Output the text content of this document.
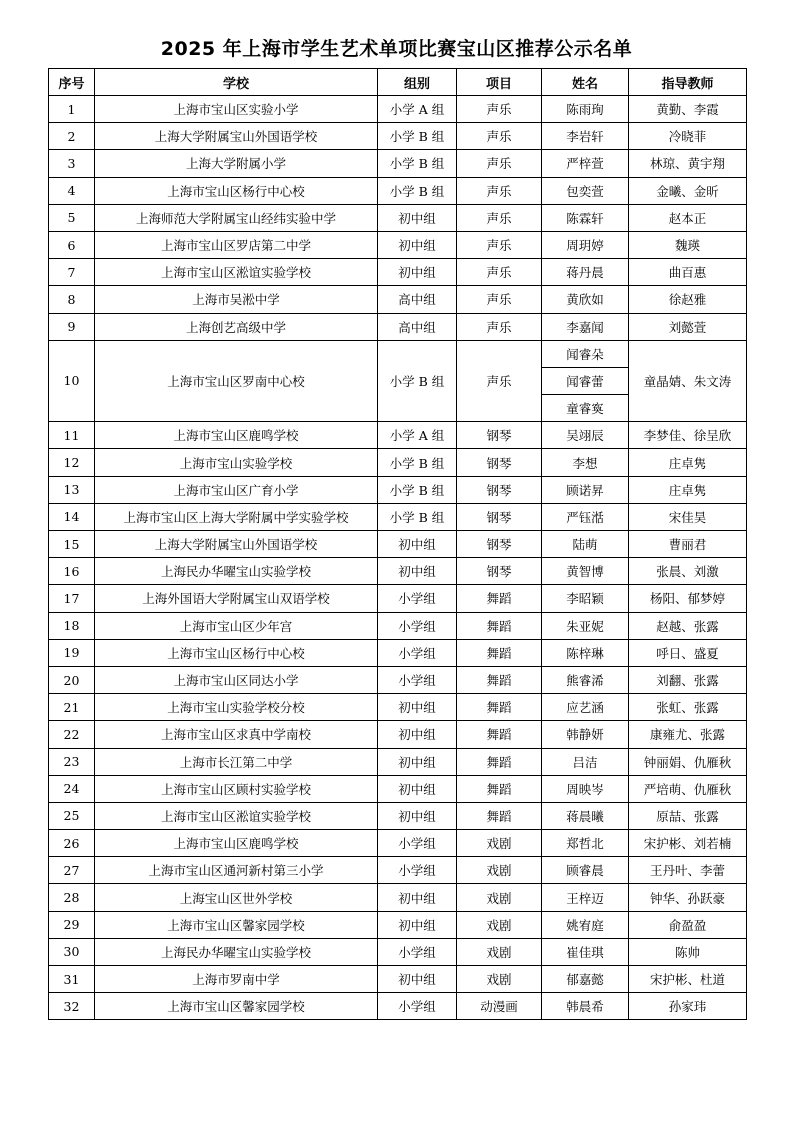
2025 年上海市学生艺术单项比赛宝山区推荐公示名单
序号	学校	组别	项目	姓名	指导教师
1	上海市宝山区实验小学	小学 A 组	声乐	陈雨珣	黄勤、李霞
2	上海大学附属宝山外国语学校	小学 B 组	声乐	李岩轩	冷晓菲
3	上海大学附属小学	小学 B 组	声乐	严梓萱	林琼、黄宇翔
4	上海市宝山区杨行中心校	小学 B 组	声乐	包奕萱	金曦、金昕
5	上海师范大学附属宝山经纬实验中学	初中组	声乐	陈霖轩	赵本正
6	上海市宝山区罗店第二中学	初中组	声乐	周玥婷	魏瑛
7	上海市宝山区淞谊实验学校	初中组	声乐	蒋丹晨	曲百惠
8	上海市吴淞中学	高中组	声乐	黄欣如	徐赵雅
9	上海创艺高级中学	高中组	声乐	李嘉闻	刘懿萱
10	上海市宝山区罗南中心校	小学 B 组	声乐	闻睿朵	童晶婧、朱文涛
				闻睿蕾	
				童睿寏	
11	上海市宝山区鹿鸣学校	小学 A 组	钢琴	吴翊辰	李梦佳、徐呈欣
12	上海市宝山实验学校	小学 B 组	钢琴	李想	庄卓隽
13	上海市宝山区广育小学	小学 B 组	钢琴	顾诺昇	庄卓隽
14	上海市宝山区上海大学附属中学实验学校	小学 B 组	钢琴	严钰湉	宋佳昊
15	上海大学附属宝山外国语学校	初中组	钢琴	陆萌	曹丽君
16	上海民办华曜宝山实验学校	初中组	钢琴	黄智博	张晨、刘激
17	上海外国语大学附属宝山双语学校	小学组	舞蹈	李昭颖	杨阳、郁梦婷
18	上海市宝山区少年宫	小学组	舞蹈	朱亚妮	赵越、张露
19	上海市宝山区杨行中心校	小学组	舞蹈	陈梓琳	呼日、盛夏
20	上海市宝山区同达小学	小学组	舞蹈	熊睿浠	刘翻、张露
21	上海市宝山实验学校分校	初中组	舞蹈	应艺涵	张虹、张露
22	上海市宝山区求真中学南校	初中组	舞蹈	韩静妍	康雍尤、张露
23	上海市长江第二中学	初中组	舞蹈	吕洁	钟丽娟、仇雁秋
24	上海市宝山区顾村实验学校	初中组	舞蹈	周映岑	严培萌、仇雁秋
25	上海市宝山区淞谊实验学校	初中组	舞蹈	蒋晨曦	原喆、张露
26	上海市宝山区鹿鸣学校	小学组	戏剧	郑哲北	宋护彬、刘若楠
27	上海市宝山区通河新村第三小学	小学组	戏剧	顾睿晨	王丹叶、李蕾
28	上海宝山区世外学校	初中组	戏剧	王梓迈	钟华、孙跃豪
29	上海市宝山区馨家园学校	初中组	戏剧	姚宥庭	俞盈盈
30	上海民办华曜宝山实验学校	小学组	戏剧	崔佳琪	陈帅
31	上海市罗南中学	初中组	戏剧	郁嘉懿	宋护彬、杜道
32	上海市宝山区馨家园学校	小学组	动漫画	韩晨希	孙家玮
